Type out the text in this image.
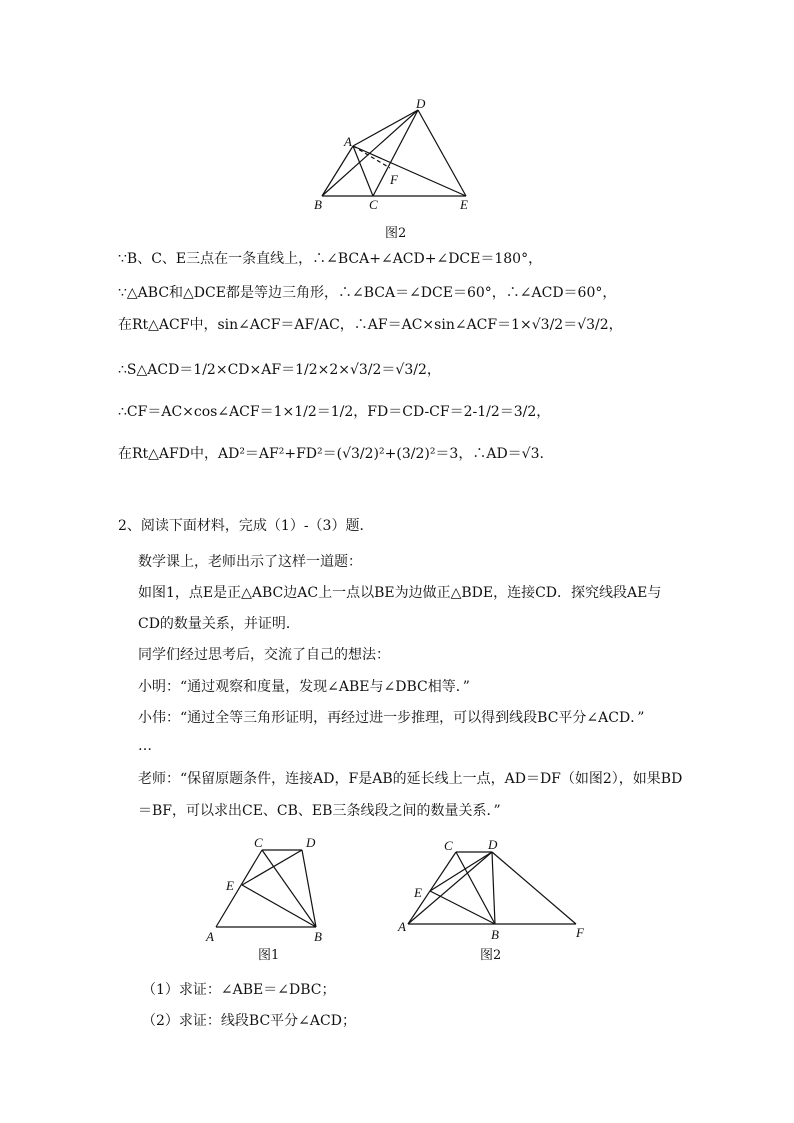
D
A
F
B	C	E
图2
∵B、C、E三点在一条直线上，∴∠BCA+∠ACD+∠DCE＝180°，
∵△ABC和△DCE都是等边三角形，∴∠BCA＝∠DCE＝60°，∴∠ACD＝60°，
在Rt△ACF中，sin∠ACF＝AF/AC，∴AF＝AC×sin∠ACF＝1×√3/2＝√3/2，
∴S△ACD＝1/2×CD×AF＝1/2×2×√3/2＝√3/2，
∴CF＝AC×cos∠ACF＝1×1/2＝1/2，FD＝CD-CF＝2-1/2＝3/2，
在Rt△AFD中，AD²＝AF²+FD²＝(√3/2)²+(3/2)²＝3，∴AD＝√3.
2、阅读下面材料，完成（1）-（3）题．
数学课上，老师出示了这样一道题：
如图1，点E是正△ABC边AC上一点以BE为边做正△BDE，连接CD．探究线段AE与
CD的数量关系，并证明．
同学们经过思考后，交流了自己的想法：
小明：“通过观察和度量，发现∠ABE与∠DBC相等．”
小伟：“通过全等三角形证明，再经过进一步推理，可以得到线段BC平分∠ACD．”
…
老师：“保留原题条件，连接AD，F是AB的延长线上一点，AD＝DF（如图2），如果BD
＝BF，可以求出CE、CB、EB三条线段之间的数量关系．”
C	D
E
A	B
图1
C	D
E
A
B	F
图2
（1）求证：∠ABE＝∠DBC；
（2）求证：线段BC平分∠ACD；
